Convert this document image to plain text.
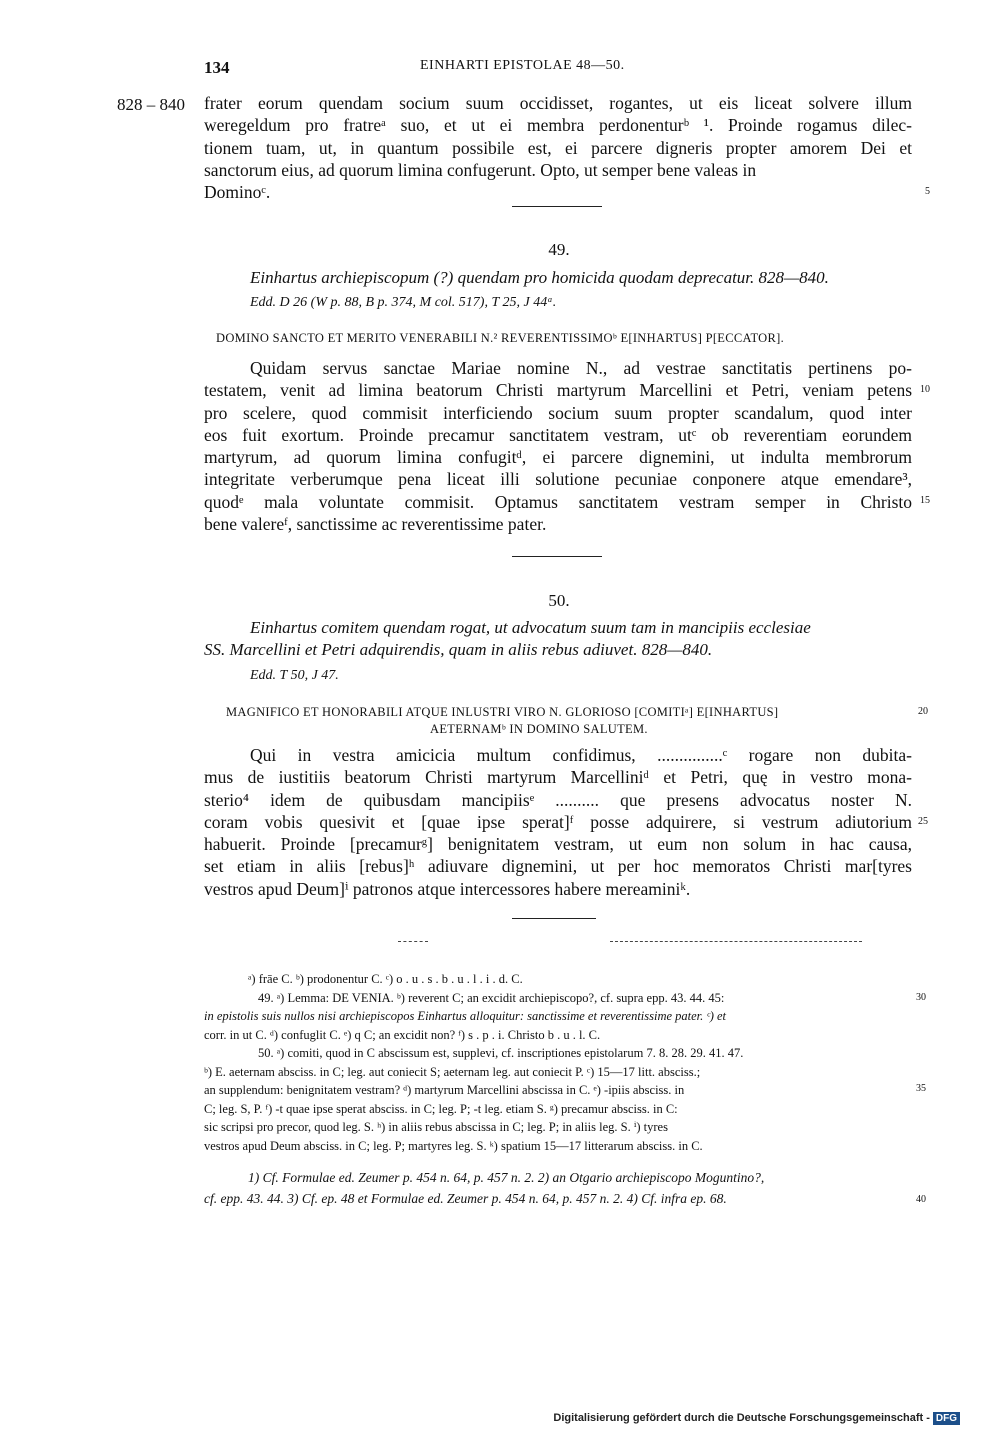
134	EINHARTI EPISTOLAE 48—50.
828 – 840 frater eorum quendam socium suum occidisset, rogantes, ut eis liceat solvere illum
weregeldum pro fratreᵃ suo, et ut ei membra perdonenturᵇ ¹. Proinde rogamus dilec-
tionem tuam, ut, in quantum possibile est, ei parcere digneris propter amorem Dei et
sanctorum eius, ad quorum limina confugerunt. Opto, ut semper bene valeas in
Dominoᶜ.	5
49.
Einhartus archiepiscopum (?) quendam pro homicida quodam deprecatur. 828—840.
Edd. D 26 (W p. 88, B p. 374, M col. 517), T 25, J 44ᵃ.
DOMINO SANCTO ET MERITO VENERABILI N.² REVERENTISSIMOᵇ E[INHARTUS] P[ECCATOR].
Quidam servus sanctae Mariae nomine N., ad vestrae sanctitatis pertinens po-
testatem, venit ad limina beatorum Christi martyrum Marcellini et Petri, veniam petens
pro scelere, quod commisit interficiendo socium suum propter scandalum, quod inter
eos fuit exortum. Proinde precamur sanctitatem vestram, utᶜ ob reverentiam eorundem
martyrum, ad quorum limina confugitᵈ, ei parcere dignemini, ut indulta membrorum
integritate verberumque pena liceat illi solutione pecuniae conponere atque emendare³,
quodᵉ mala voluntate commisit. Optamus sanctitatem vestram semper in Christo
bene valereᶠ, sanctissime ac reverentissime pater.
10
15
50.
Einhartus comitem quendam rogat, ut advocatum suum tam in mancipiis ecclesiae
SS. Marcellini et Petri adquirendis, quam in aliis rebus adiuvet. 828—840.
Edd. T 50, J 47.
MAGNIFICO ET HONORABILI ATQUE INLUSTRI VIRO N. GLORIOSO [COMITIᵃ] E[INHARTUS]
AETERNAMᵇ IN DOMINO SALUTEM.
20
Qui in vestra amicicia multum confidimus, ...............ᶜ rogare non dubita-
mus de iustitiis beatorum Christi martyrum Marcelliniᵈ et Petri, quę in vestro mona-
sterio⁴ idem de quibusdam mancipiisᵉ .......... que presens advocatus noster N.
coram vobis quesivit et [quae ipse sperat]ᶠ posse adquirere, si vestrum adiutorium
habuerit. Proinde [precamurᵍ] benignitatem vestram, ut eum non solum in hac causa,
set etiam in aliis [rebus]ʰ adiuvare dignemini, ut per hoc memoratos Christi mar[tyres
vestros apud Deum]ⁱ patronos atque intercessores habere mereaminiᵏ.
25
ᵃ) frāe C. ᵇ) prodonentur C. ᶜ) o . u . s . b . u . l . i . d. C.
49. ᵃ) Lemma: DE VENIA. ᵇ) reverent C; an excidit archiepiscopo?, cf. supra epp. 43. 44. 45:
in epistolis suis nullos nisi archiepiscopos Einhartus alloquitur: sanctissime et reverentissime pater. ᶜ) et
corr. in ut C. ᵈ) confuglit C. ᵉ) q C; an excidit non? ᶠ) s . p . i. Christo b . u . l. C.
50. ᵃ) comiti, quod in C abscissum est, supplevi, cf. inscriptiones epistolarum 7. 8. 28. 29. 41. 47.
ᵇ) E. aeternam absciss. in C; leg. aut coniecit S; aeternam leg. aut coniecit P. ᶜ) 15—17 litt. absciss.;
an supplendum: benignitatem vestram? ᵈ) martyrum Marcellini abscissa in C. ᵉ) -ipiis absciss. in
C; leg. S, P. ᶠ) -t quae ipse sperat absciss. in C; leg. P; -t leg. etiam S. ᵍ) precamur absciss. in C:
sic scripsi pro precor, quod leg. S. ʰ) in aliis rebus abscissa in C; leg. P; in aliis leg. S. ⁱ) tyres
vestros apud Deum absciss. in C; leg. P; martyres leg. S. ᵏ) spatium 15—17 litterarum absciss. in C.
30
35
1) Cf. Formulae ed. Zeumer p. 454 n. 64, p. 457 n. 2. 2) an Otgario archiepiscopo Moguntino?,
cf. epp. 43. 44. 3) Cf. ep. 48 et Formulae ed. Zeumer p. 454 n. 64, p. 457 n. 2. 4) Cf. infra ep. 68.	40
Digitalisierung gefördert durch die Deutsche Forschungsgemeinschaft - DFG
